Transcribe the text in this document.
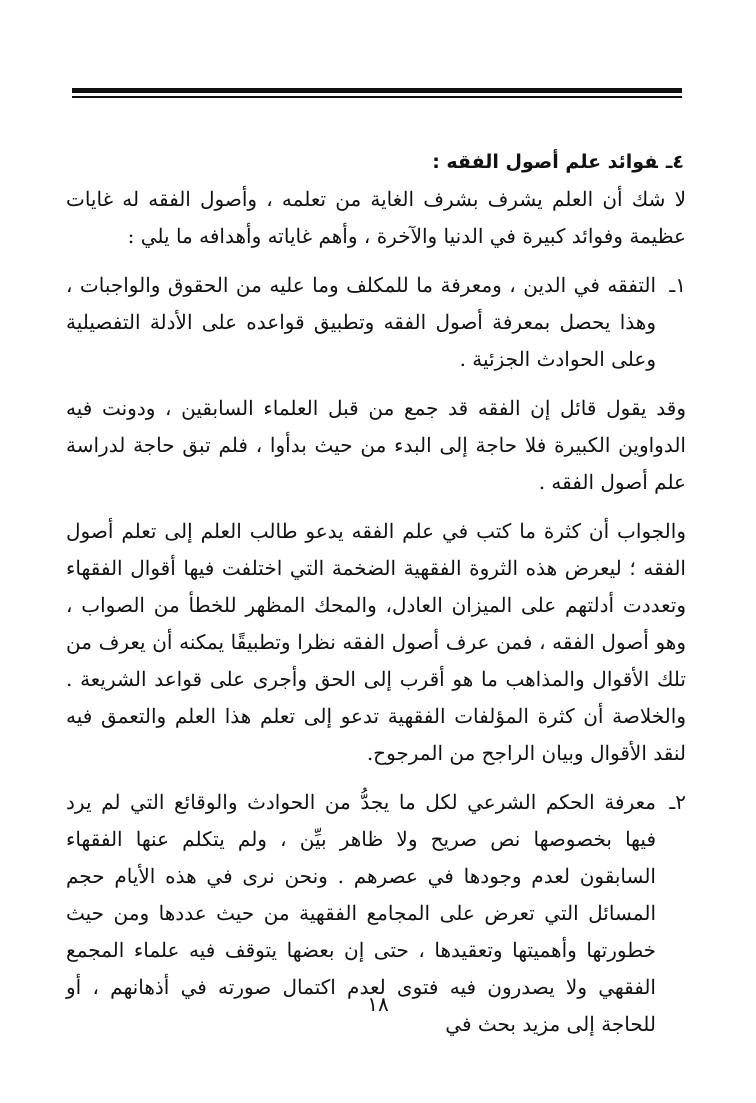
٤ـفوائد علم أصول الفقه :

لا شك أن العلم يشرف بشرف الغاية من تعلمه ، وأصول الفقه له غايات عظيمة وفوائد كبيرة في الدنيا والآخرة ، وأهم غاياته وأهدافه ما يلي :

١ـ
التفقه في الدين ، ومعرفة ما للمكلف وما عليه من الحقوق والواجبات ، وهذا يحصل بمعرفة أصول الفقه وتطبيق قواعده على الأدلة التفصيلية وعلى الحوادث الجزئية .

وقد يقول قائل إن الفقه قد جمع من قبل العلماء السابقين ، ودونت فيه الدواوين الكبيرة فلا حاجة إلى البدء من حيث بدأوا ، فلم تبق حاجة لدراسة علم أصول الفقه .

والجواب أن كثرة ما كتب في علم الفقه يدعو طالب العلم إلى تعلم أصول الفقه ؛ ليعرض هذه الثروة الفقهية الضخمة التي اختلفت فيها أقوال الفقهاء وتعددت أدلتهم على الميزان العادل، والمحك المظهر للخطأ من الصواب ، وهو أصول الفقه ، فمن عرف أصول الفقه نظرا وتطبيقًا يمكنه أن يعرف من تلك الأقوال والمذاهب ما هو أقرب إلى الحق وأجرى على قواعد الشريعة . والخلاصة أن كثرة المؤلفات الفقهية تدعو إلى تعلم هذا العلم والتعمق فيه لنقد الأقوال وبيان الراجح من المرجوح.

٢ـ
معرفة الحكم الشرعي لكل ما يجدُّ من الحوادث والوقائع التي لم يرد فيها بخصوصها نص صريح ولا ظاهر بيِّن ، ولم يتكلم عنها الفقهاء السابقون لعدم وجودها في عصرهم . ونحن نرى في هذه الأيام حجم المسائل التي تعرض على المجامع الفقهية من حيث عددها ومن حيث خطورتها وأهميتها وتعقيدها ، حتى إن بعضها يتوقف فيه علماء المجمع الفقهي ولا يصدرون فيه فتوى لعدم اكتمال صورته في أذهانهم ، أو للحاجة إلى مزيد بحث في
١٨
